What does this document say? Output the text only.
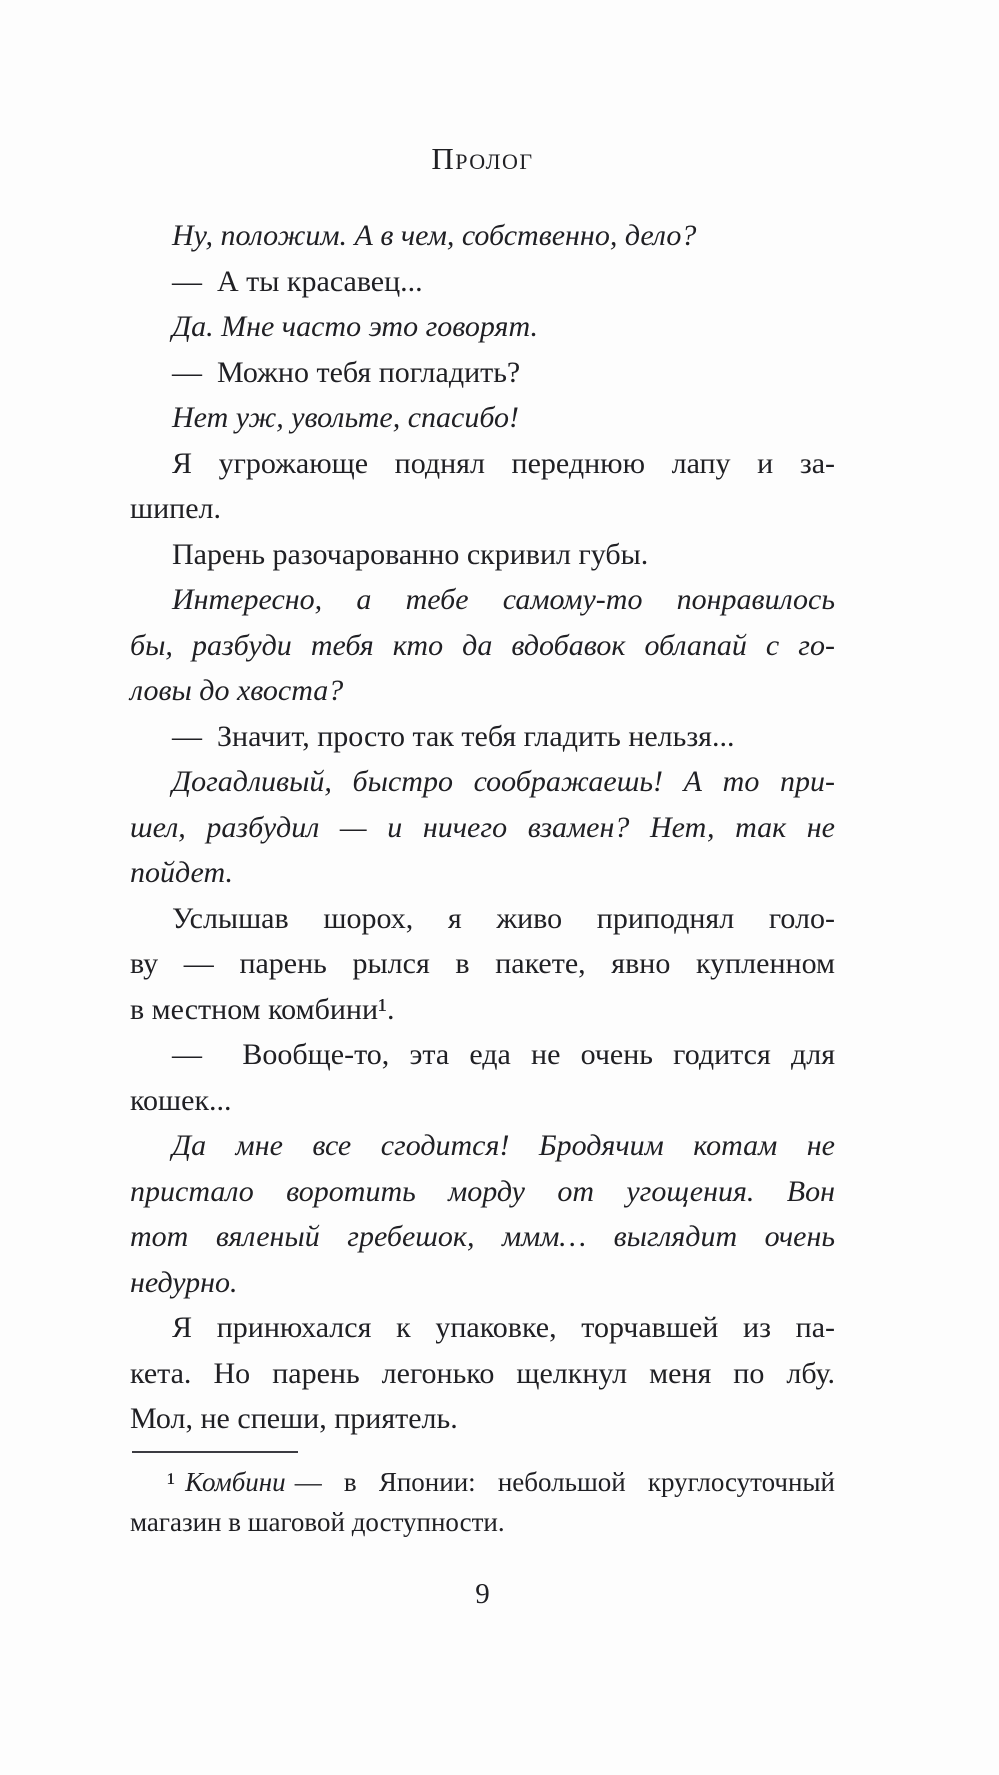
Пролог
Ну, положим. А в чем, собственно, дело?
—  А ты красавец...
Да. Мне часто это говорят.
—  Можно тебя погладить?
Нет уж, увольте, спасибо!
Я угрожающе поднял переднюю лапу и за-
шипел.
Парень разочарованно скривил губы.
Интересно, а тебе самому-то понравилось
бы, разбуди тебя кто да вдобавок облапай с го-
ловы до хвоста?
—  Значит, просто так тебя гладить нельзя...
Догадливый, быстро соображаешь! А то при-
шел, разбудил — и ничего взамен? Нет, так не
пойдет.
Услышав шорох, я живо приподнял голо-
ву — парень рылся в пакете, явно купленном
в местном комбини¹.
—  Вообще-то, эта еда не очень годится для
кошек...
Да мне все сгодится! Бродячим котам не
пристало воротить морду от угощения. Вон
тот вяленый гребешок, ммм… выглядит очень
недурно.
Я принюхался к упаковке, торчавшей из па-
кета. Но парень легонько щелкнул меня по лбу.
Мол, не спеши, приятель.
¹ Комбини — в Японии: небольшой круглосуточный
магазин в шаговой доступности.
9
